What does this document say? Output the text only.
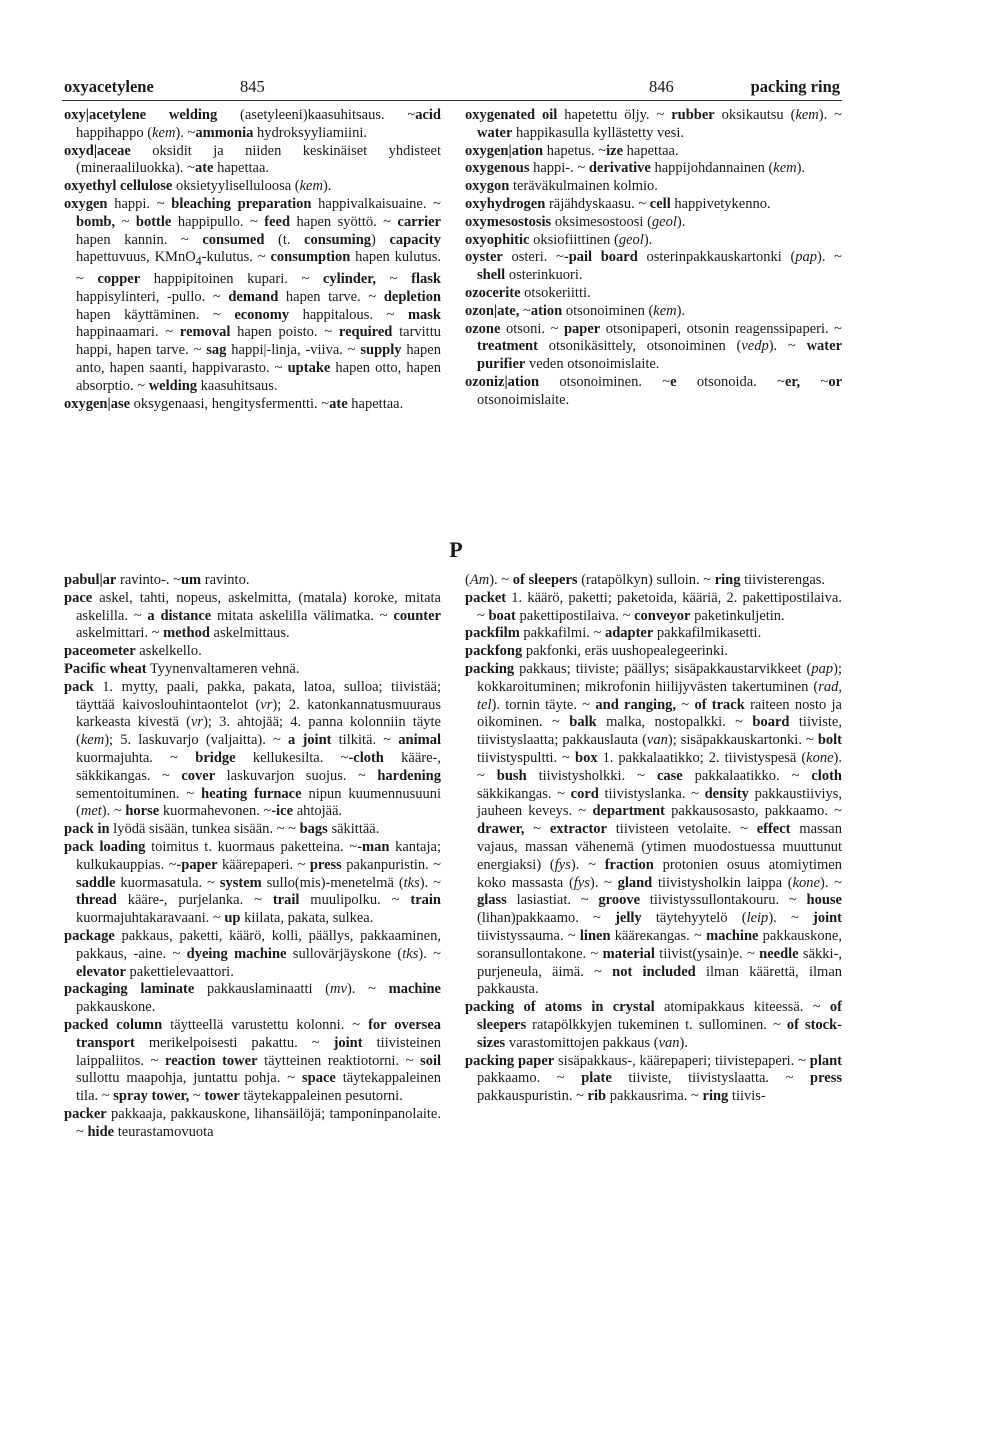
oxyacetylene	845	846	packing ring
oxy|acetylene welding (asetyleeni)kaasuhitsaus. ~acid happihappo (kem). ~ammonia hydroksyyliamiini.
oxyd|aceae oksidit ja niiden keskinäiset yhdisteet (mineraaliluokka). ~ate hapettaa.
oxyethyl cellulose oksietyyliselluloosa (kem).
oxygen happi. ~ bleaching preparation happivalkaisuaine. ~ bomb, ~ bottle happipullo. ~ feed hapen syöttö. ~ carrier hapen kannin. ~ consumed (t. consuming) capacity hapettuvuus, KMnO$_4$-kulutus. ~ consumption hapen kulutus. ~ copper happipitoinen kupari. ~ cylinder, ~ flask happisylinteri, -pullo. ~ demand hapen tarve. ~ depletion hapen käyttäminen. ~ economy happitalous. ~ mask happinaamari. ~ removal hapen poisto. ~ required tarvittu happi, hapen tarve. ~ sag happi|-linja, -viiva. ~ supply hapen anto, hapen saanti, happivarasto. ~ uptake hapen otto, hapen absorptio. ~ welding kaasuhitsaus.
oxygen|ase oksygenaasi, hengitysfermentti. ~ate hapettaa.
oxygenated oil hapetettu öljy. ~ rubber oksikautsu (kem). ~ water happikasulla kyllästetty vesi.
oxygen|ation hapetus. ~ize hapettaa.
oxygenous happi-. ~ derivative happijohdannainen (kem).
oxygon teräväkulmainen kolmio.
oxyhydrogen räjähdyskaasu. ~ cell happivetykenno.
oxymesostosis oksimesostoosi (geol).
oxyophitic oksiofiittinen (geol).
oyster osteri. ~-pail board osterinpakkauskartonki (pap). ~ shell osterinkuori.
ozocerite otsokeriitti.
ozon|ate, ~ation otsonoiminen (kem).
ozone otsoni. ~ paper otsonipaperi, otsonin reagenssipaperi. ~ treatment otsonikäsittely, otsonoiminen (vedp). ~ water purifier veden otsonoimislaite.
ozoniz|ation otsonoiminen. ~e otsonoida. ~er, ~or otsonoimislaite.
P
pabul|ar ravinto-. ~um ravinto.
pace askel, tahti, nopeus, askelmitta, (matala) koroke, mitata askelilla. ~ a distance mitata askelilla välimatka. ~ counter askelmittari. ~ method askelmittaus.
paceometer askelkello.
Pacific wheat Tyynenvaltameren vehnä.
pack 1. mytty, paali, pakka, pakata, latoa, sulloa; tiivistää; täyttää kaivoslouhintaontelot (vr); 2. katonkannatusmuuraus karkeasta kivestä (vr); 3. ahtojää; 4. panna kolonniin täyte (kem); 5. laskuvarjo (valjaitta). ~ a joint tilkitä. ~ animal kuormajuhta. ~ bridge kellukesilta. ~-cloth kääre-, säkkikangas. ~ cover laskuvarjon suojus. ~ hardening sementoituminen. ~ heating furnace nipun kuumennusuuni (met). ~ horse kuormahevonen. ~-ice ahtojää.
pack in lyödä sisään, tunkea sisään. ~ ~ bags säkittää.
pack loading toimitus t. kuormaus paketteina. ~-man kantaja; kulkukauppias. ~-paper käärepaperi. ~ press pakanpuristin. ~ saddle kuormasatula. ~ system sullo(mis)-menetelmä (tks). ~ thread kääre-, purjelanka. ~ trail muulipolku. ~ train kuormajuhtakaravaani. ~ up kiilata, pakata, sulkea.
package pakkaus, paketti, käärö, kolli, päällys, pakkaaminen, pakkaus, -aine. ~ dyeing machine sullovärjäyskone (tks). ~ elevator pakettielevaattori.
packaging laminate pakkauslaminaatti (mv). ~ machine pakkauskone.
packed column täytteellä varustettu kolonni. ~ for oversea transport merikelpoisesti pakattu. ~ joint tiivisteinen laippaliitos. ~ reaction tower täytteinen reaktiotorni. ~ soil sullottu maapohja, juntattu pohja. ~ space täytekappaleinen tila. ~ spray tower, ~ tower täytekappaleinen pesutorni.
packer pakkaaja, pakkauskone, lihansäilöjä; tamponinpanolaite. ~ hide teurastamovuota
(Am). ~ of sleepers (ratapölkyn) sulloin. ~ ring tiivisterengas.
packet 1. käärö, paketti; paketoida, kääriä, 2. pakettipostilaiva. ~ boat pakettipostilaiva. ~ conveyor paketinkuljetin.
packfilm pakkafilmi. ~ adapter pakkafilmikasetti.
packfong pakfonki, eräs uushopealegeerinki.
packing pakkaus; tiiviste; päällys; sisäpakkaustarvikkeet (pap); kokkaroituminen; mikrofonin hiilijyvästen takertuminen (rad, tel). tornin täyte. ~ and ranging, ~ of track raiteen nosto ja oikominen. ~ balk malka, nostopalkki. ~ board tiiviste, tiivistyslaatta; pakkauslauta (van); sisäpakkauskartonki. ~ bolt tiivistyspultti. ~ box 1. pakkalaatikko; 2. tiivistyspesä (kone). ~ bush tiivistysholkki. ~ case pakkalaatikko. ~ cloth säkkikangas. ~ cord tiivistyslanka. ~ density pakkaustiiviys, jauheen keveys. ~ department pakkausosasto, pakkaamo. ~ drawer, ~ extractor tiivisteen vetolaite. ~ effect massan vajaus, massan vähenemä (ytimen muodostuessa muuttunut energiaksi) (fys). ~ fraction protonien osuus atomiytimen koko massasta (fys). ~ gland tiivistysholkin laippa (kone). ~ glass lasiastiat. ~ groove tiivistyssullontakouru. ~ house (lihan)pakkaamo. ~ jelly täytehyytelö (leip). ~ joint tiivistyssauma. ~ linen kääreкangas. ~ machine pakkauskone, soransullontakone. ~ material tiivist(ysain)e. ~ needle säkki-, purjeneula, äimä. ~ not included ilman käärettä, ilman pakkausta.
packing of atoms in crystal atomipakkaus kiteessä. ~ of sleepers ratapölkkyjen tukeminen t. sullominen. ~ of stock-sizes varastomittojen pakkaus (van).
packing paper sisäpakkaus-, käärepaperi; tiivistepaperi. ~ plant pakkaamo. ~ plate tiiviste, tiivistyslaatta. ~ press pakkauspuristin. ~ rib pakkausrima. ~ ring tiivis-
